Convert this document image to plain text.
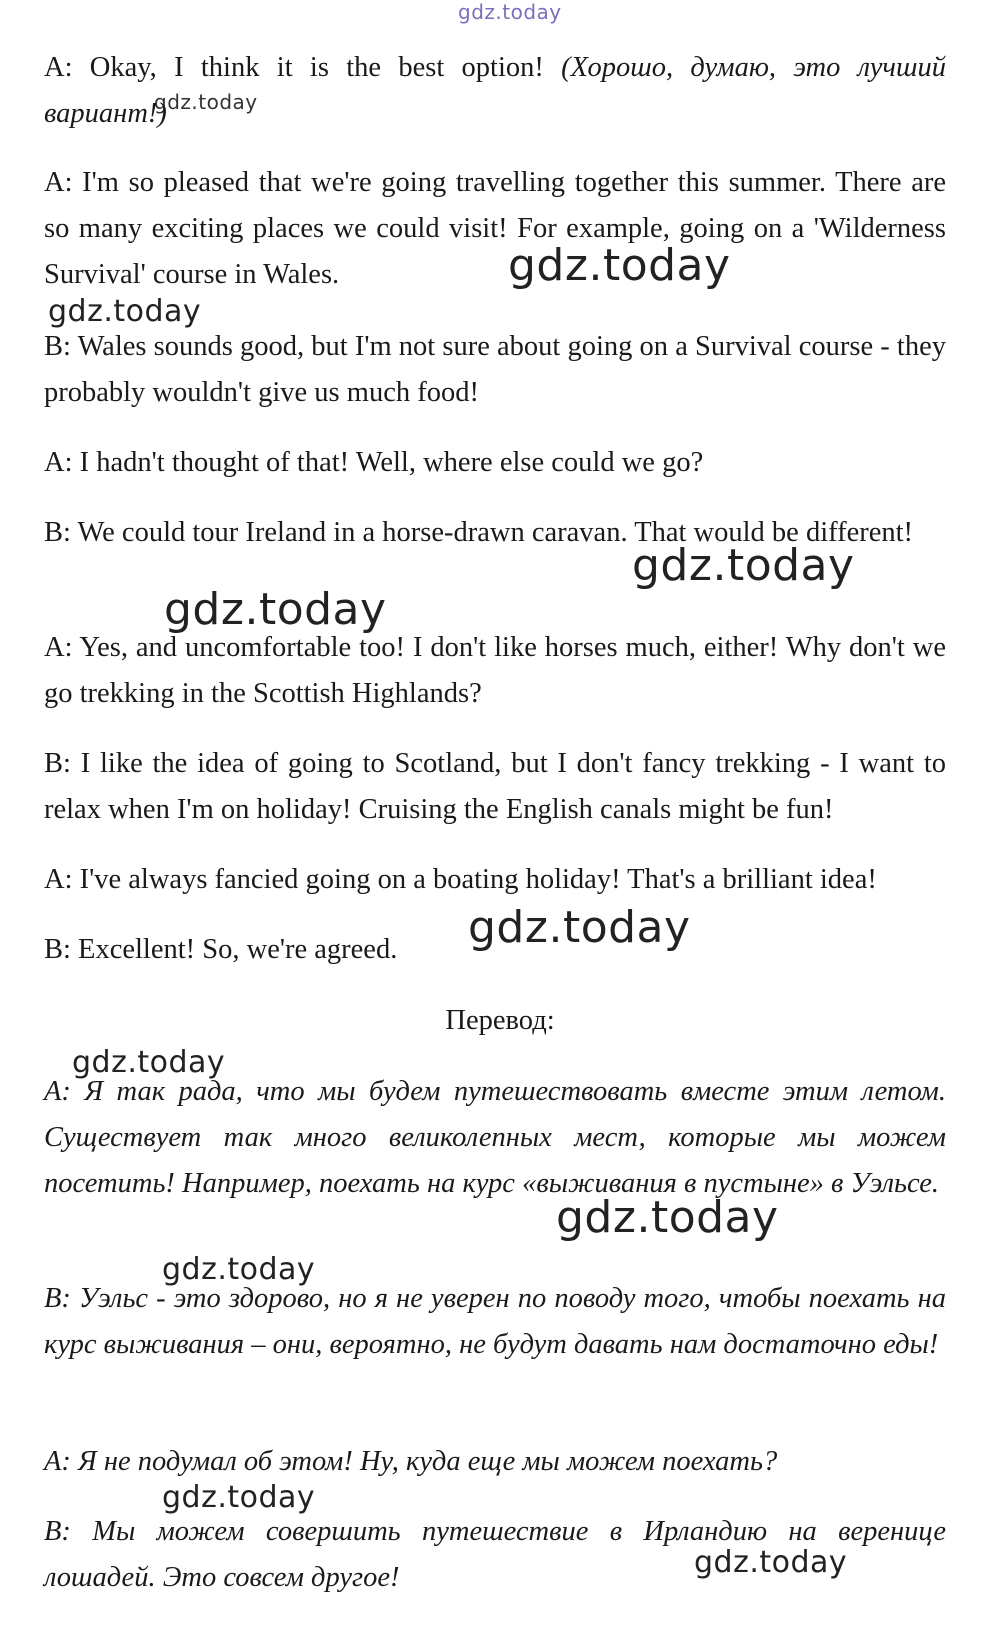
gdz.today
gdz.today
gdz.today
gdz.today
gdz.today
gdz.today
gdz.today
gdz.today
gdz.today
gdz.today
gdz.today
gdz.today

A: Okay, I think it is the best option! (Хорошо, думаю, это лучший вариант!)

A: I'm so pleased that we're going travelling together this summer. There are so many exciting places we could visit! For example, going on a 'Wilderness Survival' course in Wales.

B: Wales sounds good, but I'm not sure about going on a Survival course - they probably wouldn't give us much food!

A: I hadn't thought of that! Well, where else could we go?

B: We could tour Ireland in a horse-drawn caravan. That would be different!

A: Yes, and uncomfortable too! I don't like horses much, either! Why don't we go trekking in the Scottish Highlands?

B: I like the idea of going to Scotland, but I don't fancy trekking - I want to relax when I'm on holiday! Cruising the English canals might be fun!

A: I've always fancied going on a boating holiday! That's a brilliant idea!

B: Excellent! So, we're agreed.

Перевод:

А: Я так рада, что мы будем путешествовать вместе этим летом. Существует так много великолепных мест, которые мы можем посетить! Например, поехать на курс «выживания в пустыне» в Уэльсе.

В: Уэльс - это здорово, но я не уверен по поводу того, чтобы поехать на курс выживания – они, вероятно, не будут давать нам достаточно еды!

А: Я не подумал об этом! Ну, куда еще мы можем поехать?

В: Мы можем совершить путешествие в Ирландию на веренице лошадей. Это совсем другое!
